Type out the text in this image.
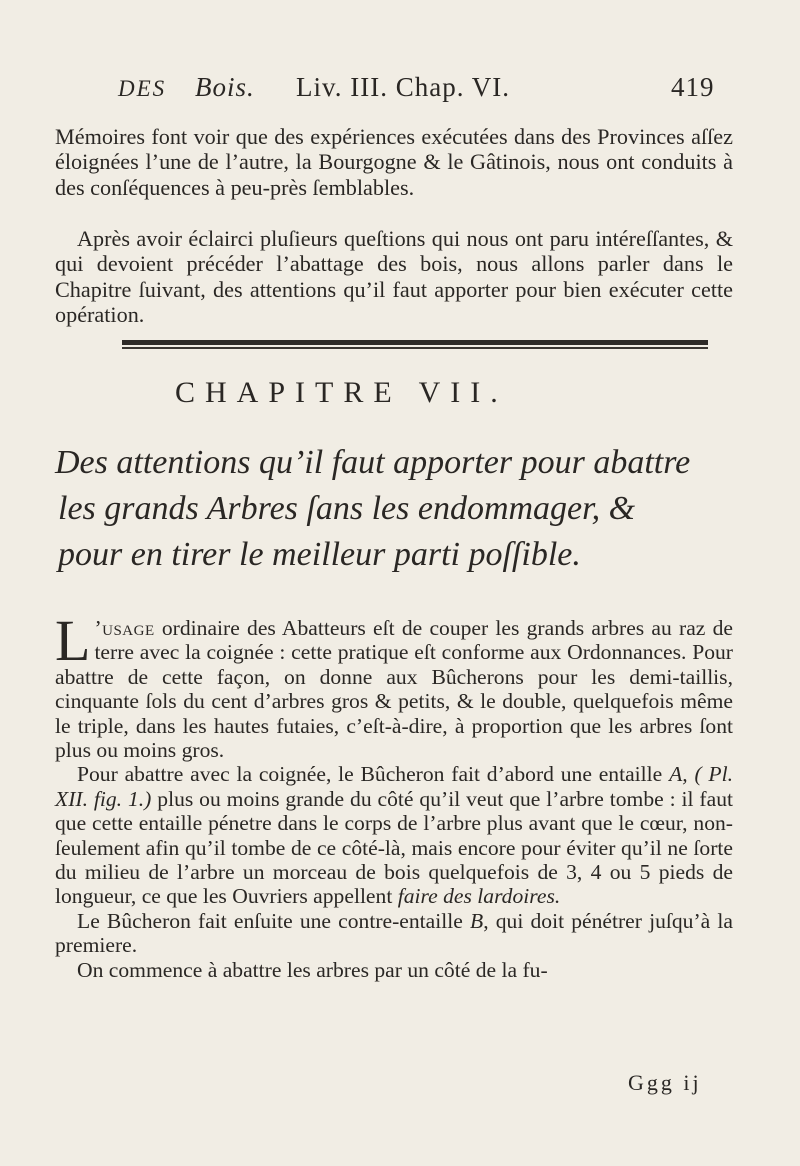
DES Bois. Liv. III. Chap. VI.	419

Mémoires font voir que des expériences exécutées dans des Provinces aſſez éloignées l’une de l’autre, la Bourgogne & le Gâtinois, nous ont conduits à des conſéquences à peu-près ſemblables.

Après avoir éclairci pluſieurs queſtions qui nous ont paru intéreſſantes, & qui devoient précéder l’abattage des bois, nous allons parler dans le Chapitre ſuivant, des attentions qu’il faut apporter pour bien exécuter cette opération.

CHAPITRE VII.
Des attentions qu’il faut apporter pour abattre
les grands Arbres ſans les endommager, &
pour en tirer le meilleur parti poſſible.

L ’usage ordinaire des Abatteurs eſt de couper les grands arbres au raz de terre avec la coignée : cette pratique eſt conforme aux Ordonnances. Pour abattre de cette façon, on donne aux Bûcherons pour les demi-taillis, cinquante ſols du cent d’arbres gros & petits, & le double, quelquefois même le triple, dans les hautes futaies, c’eſt-à-dire, à proportion que les arbres ſont plus ou moins gros.

Pour abattre avec la coignée, le Bûcheron fait d’abord une entaille A, ( Pl. XII. fig. 1.) plus ou moins grande du côté qu’il veut que l’arbre tombe : il faut que cette entaille pénetre dans le corps de l’arbre plus avant que le cœur, non-ſeulement afin qu’il tombe de ce côté-là, mais encore pour éviter qu’il ne ſorte du milieu de l’arbre un morceau de bois quelquefois de 3, 4 ou 5 pieds de longueur, ce que les Ouvriers appellent faire des lardoires.

Le Bûcheron fait enſuite une contre-entaille B, qui doit pénétrer juſqu’à la premiere.

On commence à abattre les arbres par un côté de la fu-

Ggg ij
